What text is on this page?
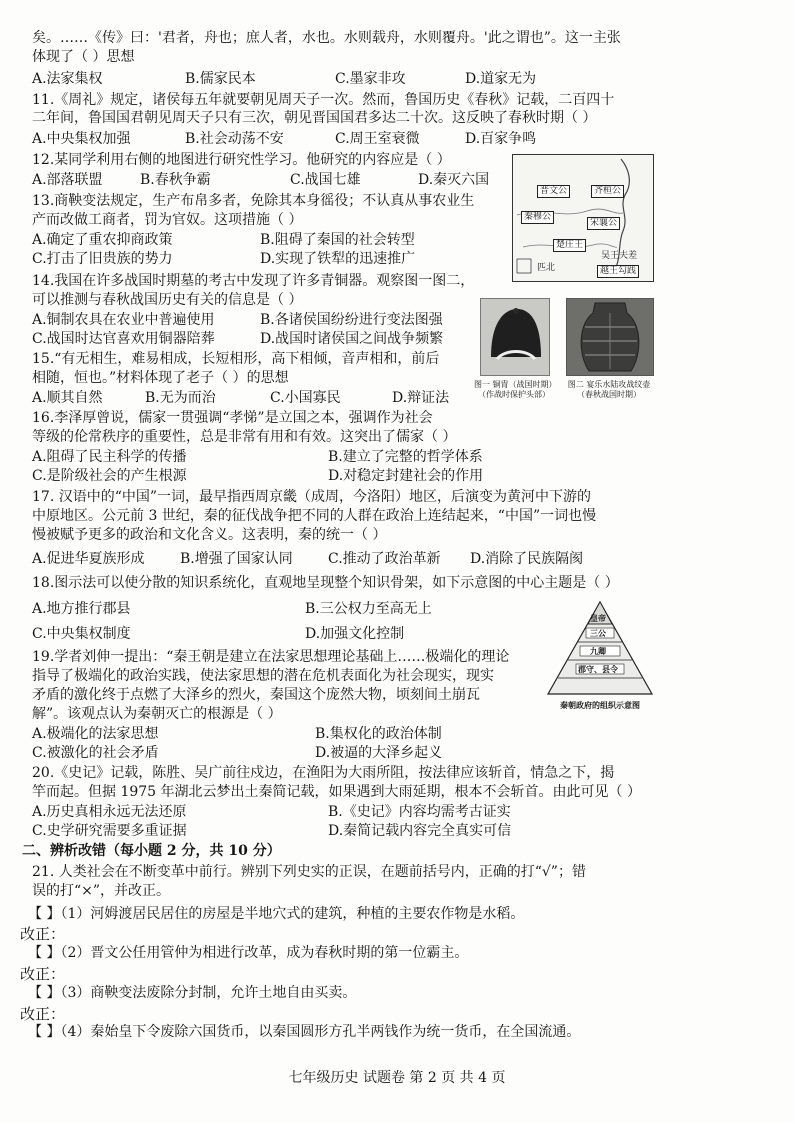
矣。……《传》曰：'君者，舟也；庶人者，水也。水则载舟，水则覆舟。'此之谓也”。这一主张
体现了（ ）思想
A.法家集权	B.儒家民本	C.墨家非攻	D.道家无为
11.《周礼》规定，诸侯每五年就要朝见周天子一次。然而，鲁国历史《春秋》记载，二百四十
二年间，鲁国国君朝见周天子只有三次，朝见晋国国君多达二十次。这反映了春秋时期（ ）
A.中央集权加强	B.社会动荡不安	C.周王室衰微	D.百家争鸣
12.某同学利用右侧的地图进行研究性学习。他研究的内容应是（ ）
A.部落联盟	B.春秋争霸	C.战国七雄	D.秦灭六国
13.商鞅变法规定，生产布帛多者，免除其本身徭役；不认真从事农业生
产而改做工商者，罚为官奴。这项措施（ ）
A.确定了重农抑商政策	B.阻碍了秦国的社会转型
C.打击了旧贵族的势力	D.实现了铁犁的迅速推广
晋文公	齐桓公
秦穆公
宋襄公
楚庄王
吴王夫差
越王勾践
匹北
14.我国在许多战国时期墓的考古中发现了许多青铜器。观察图一图二，
可以推测与春秋战国历史有关的信息是（ ）
A.铜制农具在农业中普遍使用	B.各诸侯国纷纷进行变法图强
C.战国时达官喜欢用铜器陪葬	D.战国时诸侯国之间战争频繁
图一 铜胄（战国时期）
（作战时保护头部）
图二 宴乐水陆攻战纹壶
（春秋战国时期）
15.“有无相生，难易相成，长短相形，高下相倾，音声相和，前后
相随，恒也。”材料体现了老子（ ）的思想
A.顺其自然	B.无为而治	C.小国寡民	D.辩证法
16.李泽厚曾说，儒家一贯强调“孝悌”是立国之本，强调作为社会
等级的伦常秩序的重要性，总是非常有用和有效。这突出了儒家（ ）
A.阻碍了民主科学的传播	B.建立了完整的哲学体系
C.是阶级社会的产生根源	D.对稳定封建社会的作用
17. 汉语中的“中国”一词，最早指西周京畿（成周，今洛阳）地区，后演变为黄河中下游的
中原地区。公元前 3 世纪，秦的征伐战争把不同的人群在政治上连结起来，“中国”一词也慢
慢被赋予更多的政治和文化含义。这表明，秦的统一（ ）
A.促进华夏族形成	B.增强了国家认同	C.推动了政治革新 D.消除了民族隔阂
18.图示法可以使分散的知识系统化，直观地呈现整个知识骨架，如下示意图的中心主题是（ ）
A.地方推行郡县	B.三公权力至高无上
C.中央集权制度	D.加强文化控制
皇帝
三公
九卿
郡守、县令
秦朝政府的组织示意图
19.学者刘伸一提出：“秦王朝是建立在法家思想理论基础上……极端化的理论
指导了极端化的政治实践，使法家思想的潜在危机表面化为社会现实，现实
矛盾的激化终于点燃了大泽乡的烈火，秦国这个庞然大物，顷刻间土崩瓦
解”。该观点认为秦朝灭亡的根源是（ ）
A.极端化的法家思想	B.集权化的政治体制
C.被激化的社会矛盾	D.被逼的大泽乡起义
20.《史记》记载，陈胜、吴广前往戍边，在渔阳为大雨所阻，按法律应该斩首，情急之下，揭
竿而起。但据 1975 年湖北云梦出土秦简记载，如果遇到大雨延期，根本不会斩首。由此可见（ ）
A.历史真相永远无法还原	B.《史记》内容均需考古证实
C.史学研究需要多重证据	D.秦简记载内容完全真实可信
二、辨析改错（每小题 2 分，共 10 分）
21. 人类社会在不断变革中前行。辨别下列史实的正误，在题前括号内，正确的打“√”；错
误的打“×”，并改正。
【 】（1）河姆渡居民居住的房屋是半地穴式的建筑，种植的主要农作物是水稻。
改正：
【 】（2）晋文公任用管仲为相进行改革，成为春秋时期的第一位霸主。
改正：
【 】（3）商鞅变法废除分封制，允许土地自由买卖。
改正：
【 】（4）秦始皇下令废除六国货币，以秦国圆形方孔半两钱作为统一货币，在全国流通。
七年级历史 试题卷 第 2 页 共 4 页
